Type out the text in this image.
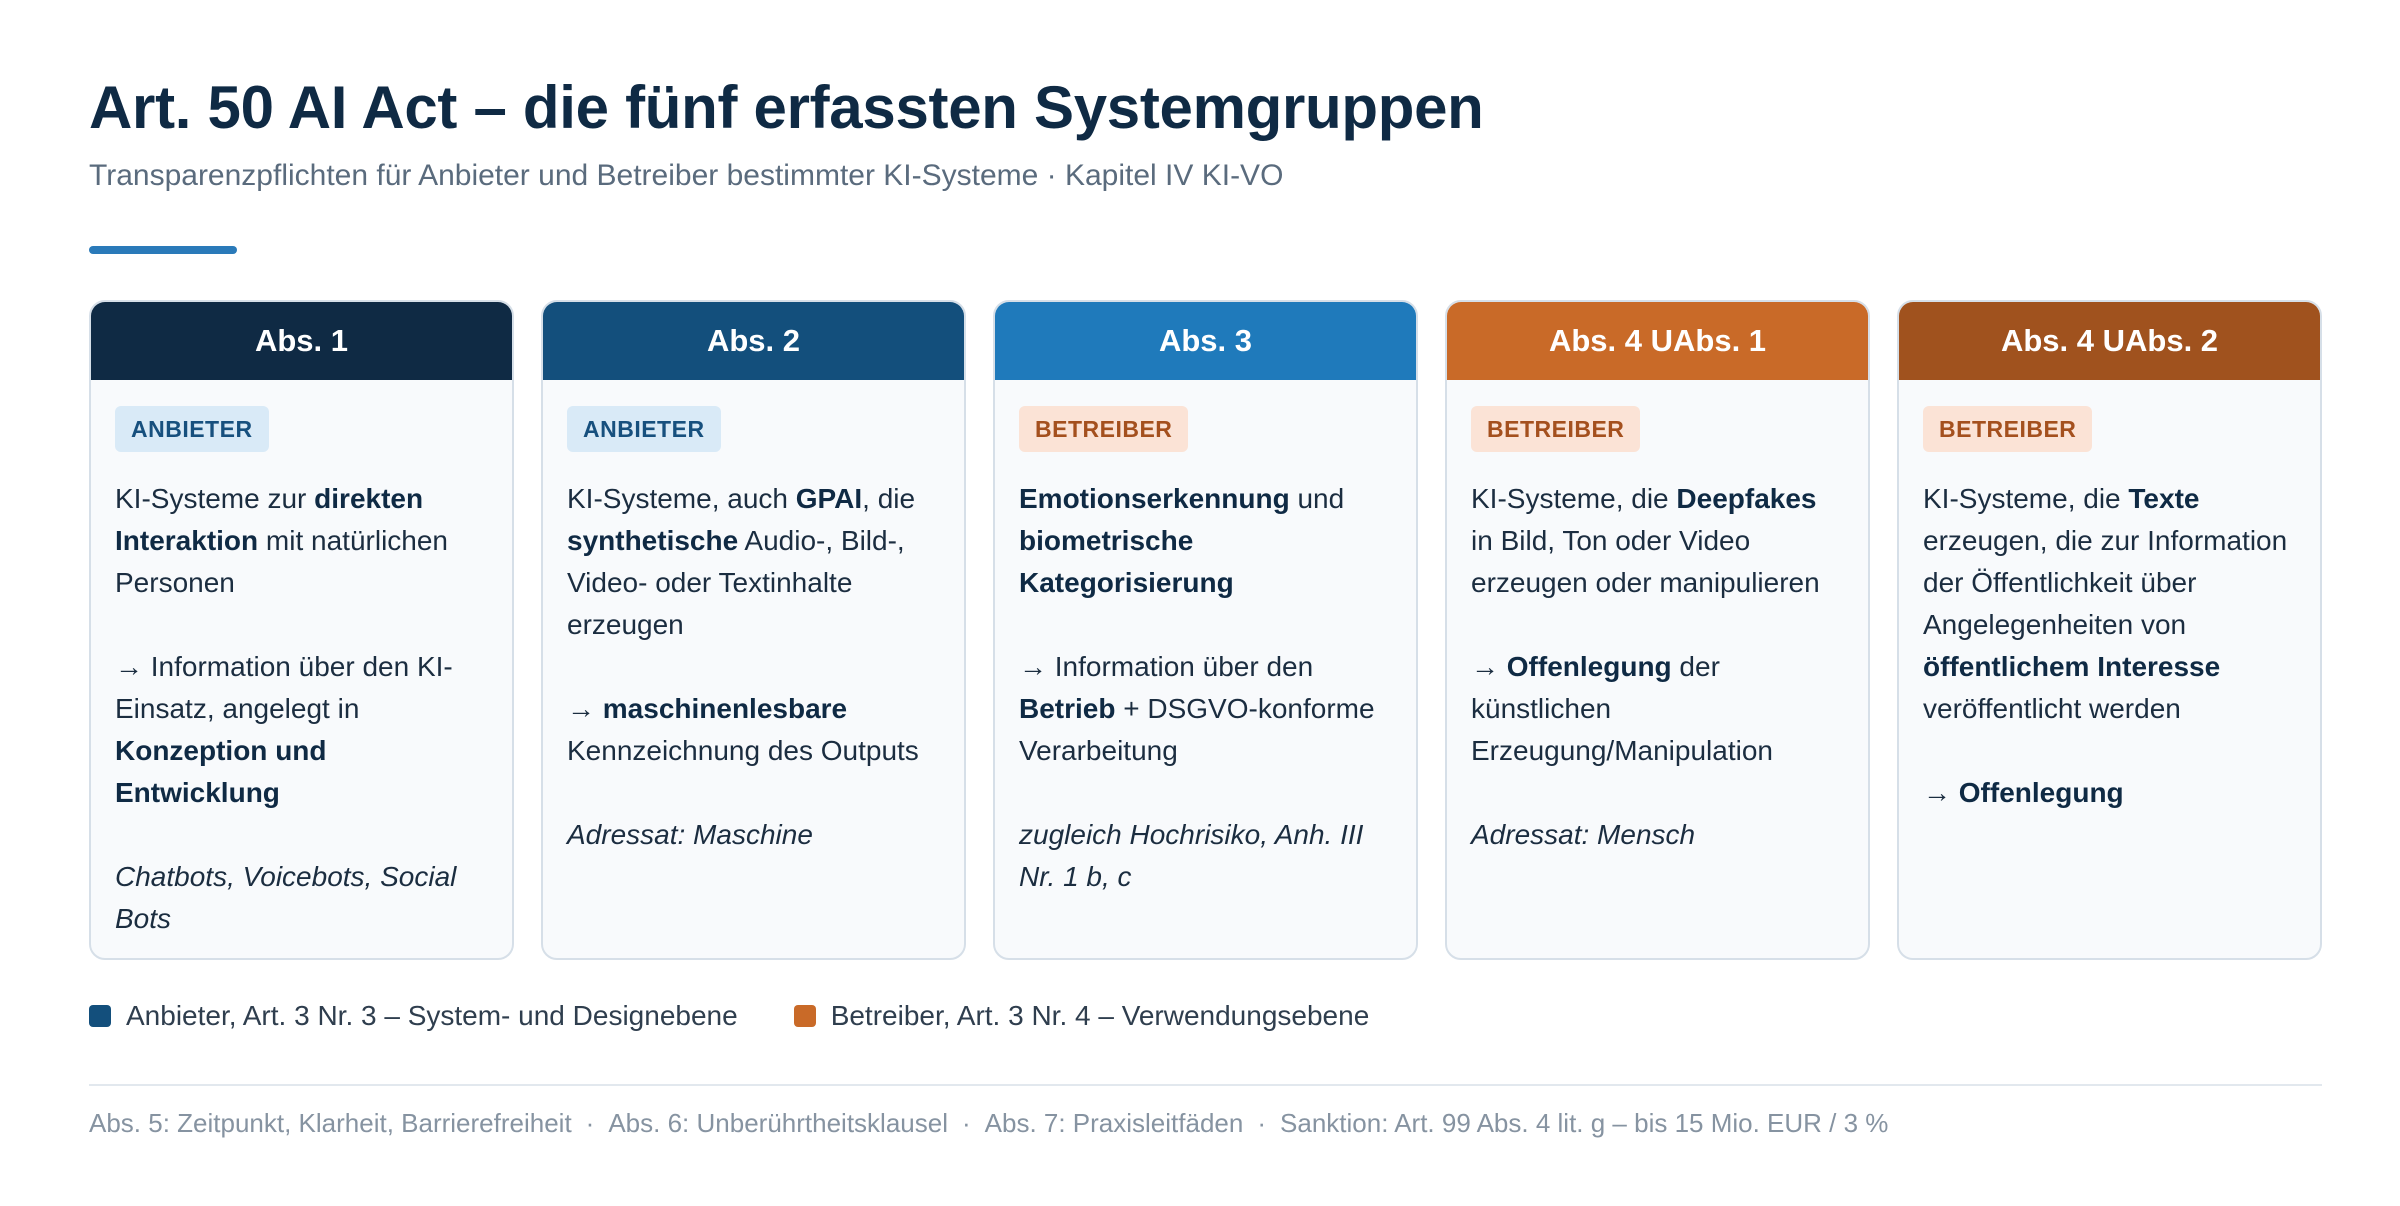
Art. 50 AI Act – die fünf erfassten Systemgruppen
Transparenzpflichten für Anbieter und Betreiber bestimmter KI-Systeme · Kapitel IV KI-VO
Abs. 1
ANBIETER
KI-Systeme zur direkten Interaktion mit natürlichen Personen
→ Information über den KI-Einsatz, angelegt in Konzeption und Entwicklung
Chatbots, Voicebots, Social Bots
Abs. 2
ANBIETER
KI-Systeme, auch GPAI, die synthetische Audio-, Bild-, Video- oder Textinhalte erzeugen
→ maschinenlesbare Kennzeichnung des Outputs
Adressat: Maschine
Abs. 3
BETREIBER
Emotionserkennung und biometrische Kategorisierung
→ Information über den Betrieb + DSGVO-konforme Verarbeitung
zugleich Hochrisiko, Anh. III Nr. 1 b, c
Abs. 4 UAbs. 1
BETREIBER
KI-Systeme, die Deepfakes in Bild, Ton oder Video erzeugen oder manipulieren
→ Offenlegung der künstlichen Erzeugung/Manipulation
Adressat: Mensch
Abs. 4 UAbs. 2
BETREIBER
KI-Systeme, die Texte erzeugen, die zur Information der Öffentlichkeit über Angelegenheiten von öffentlichem Interesse veröffentlicht werden
→ Offenlegung
Anbieter, Art. 3 Nr. 3 – System- und Designebene	Betreiber, Art. 3 Nr. 4 – Verwendungsebene
Abs. 5: Zeitpunkt, Klarheit, Barrierefreiheit · Abs. 6: Unberührtheitsklausel · Abs. 7: Praxisleitfäden · Sanktion: Art. 99 Abs. 4 lit. g – bis 15 Mio. EUR / 3 %
